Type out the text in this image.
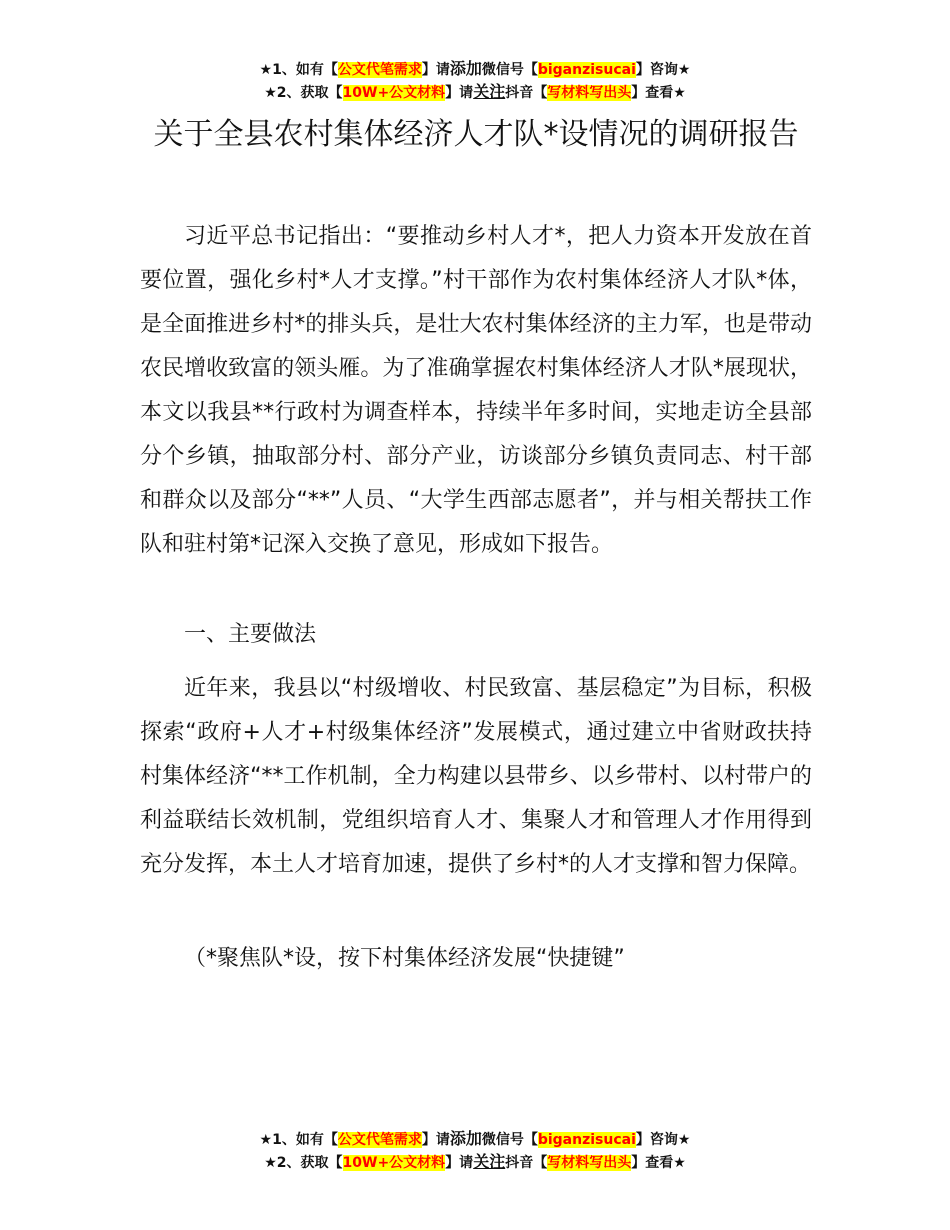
★1、如有【公文代笔需求】请添加微信号【biganzisucai】咨询★
★2、获取【10W+公文材料】请关注抖音【写材料写出头】查看★
关于全县农村集体经济人才队*设情况的调研报告

习近平总书记指出：“要推动乡村人才*，把人力资本开发放在首要位置，强化乡村*人才支撑。”村干部作为农村集体经济人才队*体，是全面推进乡村*的排头兵，是壮大农村集体经济的主力军，也是带动农民增收致富的领头雁。为了准确掌握农村集体经济人才队*展现状，本文以我县**行政村为调查样本，持续半年多时间，实地走访全县部分个乡镇，抽取部分村、部分产业，访谈部分乡镇负责同志、村干部和群众以及部分“**”人员、“大学生西部志愿者”，并与相关帮扶工作队和驻村第*记深入交换了意见，形成如下报告。

一、主要做法

近年来，我县以“村级增收、村民致富、基层稳定”为目标，积极探索“政府+人才+村级集体经济”发展模式，通过建立中省财政扶持村集体经济“**工作机制，全力构建以县带乡、以乡带村、以村带户的利益联结长效机制，党组织培育人才、集聚人才和管理人才作用得到充分发挥，本土人才培育加速，提供了乡村*的人才支撑和智力保障。

（*聚焦队*设，按下村集体经济发展“快捷键”

★1、如有【公文代笔需求】请添加微信号【biganzisucai】咨询★
★2、获取【10W+公文材料】请关注抖音【写材料写出头】查看★
